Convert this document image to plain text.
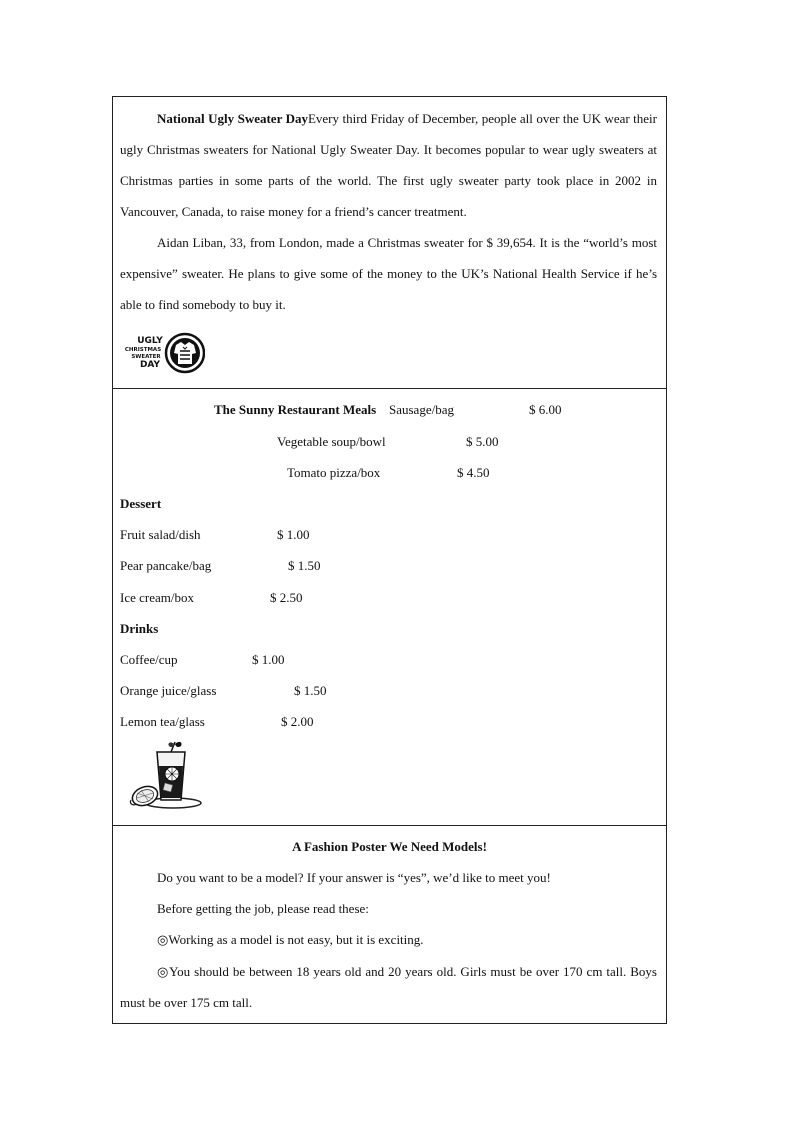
National Ugly Sweater DayEvery third Friday of December, people all over the UK wear their ugly Christmas sweaters for National Ugly Sweater Day. It becomes popular to wear ugly sweaters at Christmas parties in some parts of the world. The first ugly sweater party took place in 2002 in Vancouver, Canada, to raise money for a friend’s cancer treatment.

Aidan Liban, 33, from London, made a Christmas sweater for $ 39,654. It is the “world’s most expensive” sweater. He plans to give some of the money to the UK’s National Health Service if he’s able to find somebody to buy it.

UGLY
CHRISTMAS
SWEATER
DAY
The Sunny Restaurant Meals Sausage/bag	$ 6.00
Vegetable soup/bowl	$ 5.00
Tomato pizza/box	$ 4.50
Dessert
Fruit salad/dish	$ 1.00
Pear pancake/bag	$ 1.50
Ice cream/box	$ 2.50
Drinks
Coffee/cup	$ 1.00
Orange juice/glass	$ 1.50
Lemon tea/glass	$ 2.00
A Fashion Poster We Need Models!
Do you want to be a model? If your answer is “yes”, we’d like to meet you!
Before getting the job, please read these:
◎Working as a model is not easy, but it is exciting.

◎You should be between 18 years old and 20 years old. Girls must be over 170 cm tall. Boys must be over 175 cm tall.
